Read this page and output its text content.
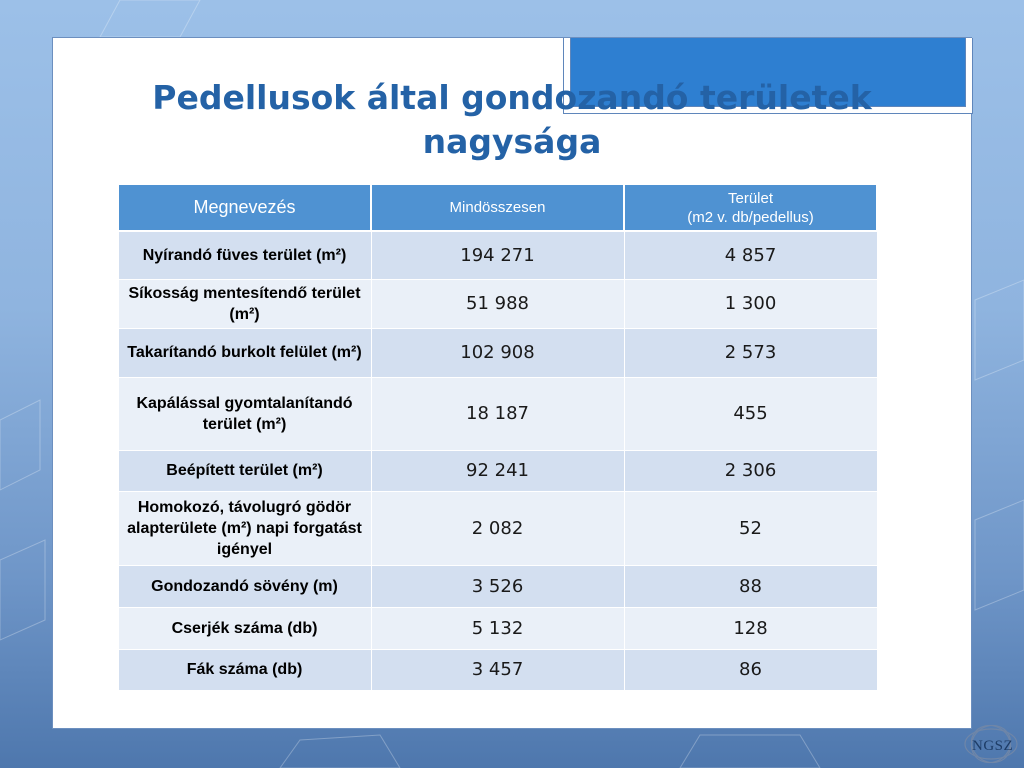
Pedellusok által gondozandó területek
nagysága
Megnevezés	Mindösszesen	Terület
(m2 v. db/pedellus)
Nyírandó füves terület (m²)	194 271	4 857
Síkosság mentesítendő terület (m²)	51 988	1 300
Takarítandó burkolt felület (m²)	102 908	2 573
Kapálással gyomtalanítandó terület (m²)	18 187	455
Beépített terület (m²)	92 241	2 306
Homokozó, távolugró gödör alapterülete (m²) napi forgatást igényel	2 082	52
Gondozandó sövény (m)	3 526	88
Cserjék száma (db)	5 132	128
Fák száma (db)	3 457	86
NGSZ
